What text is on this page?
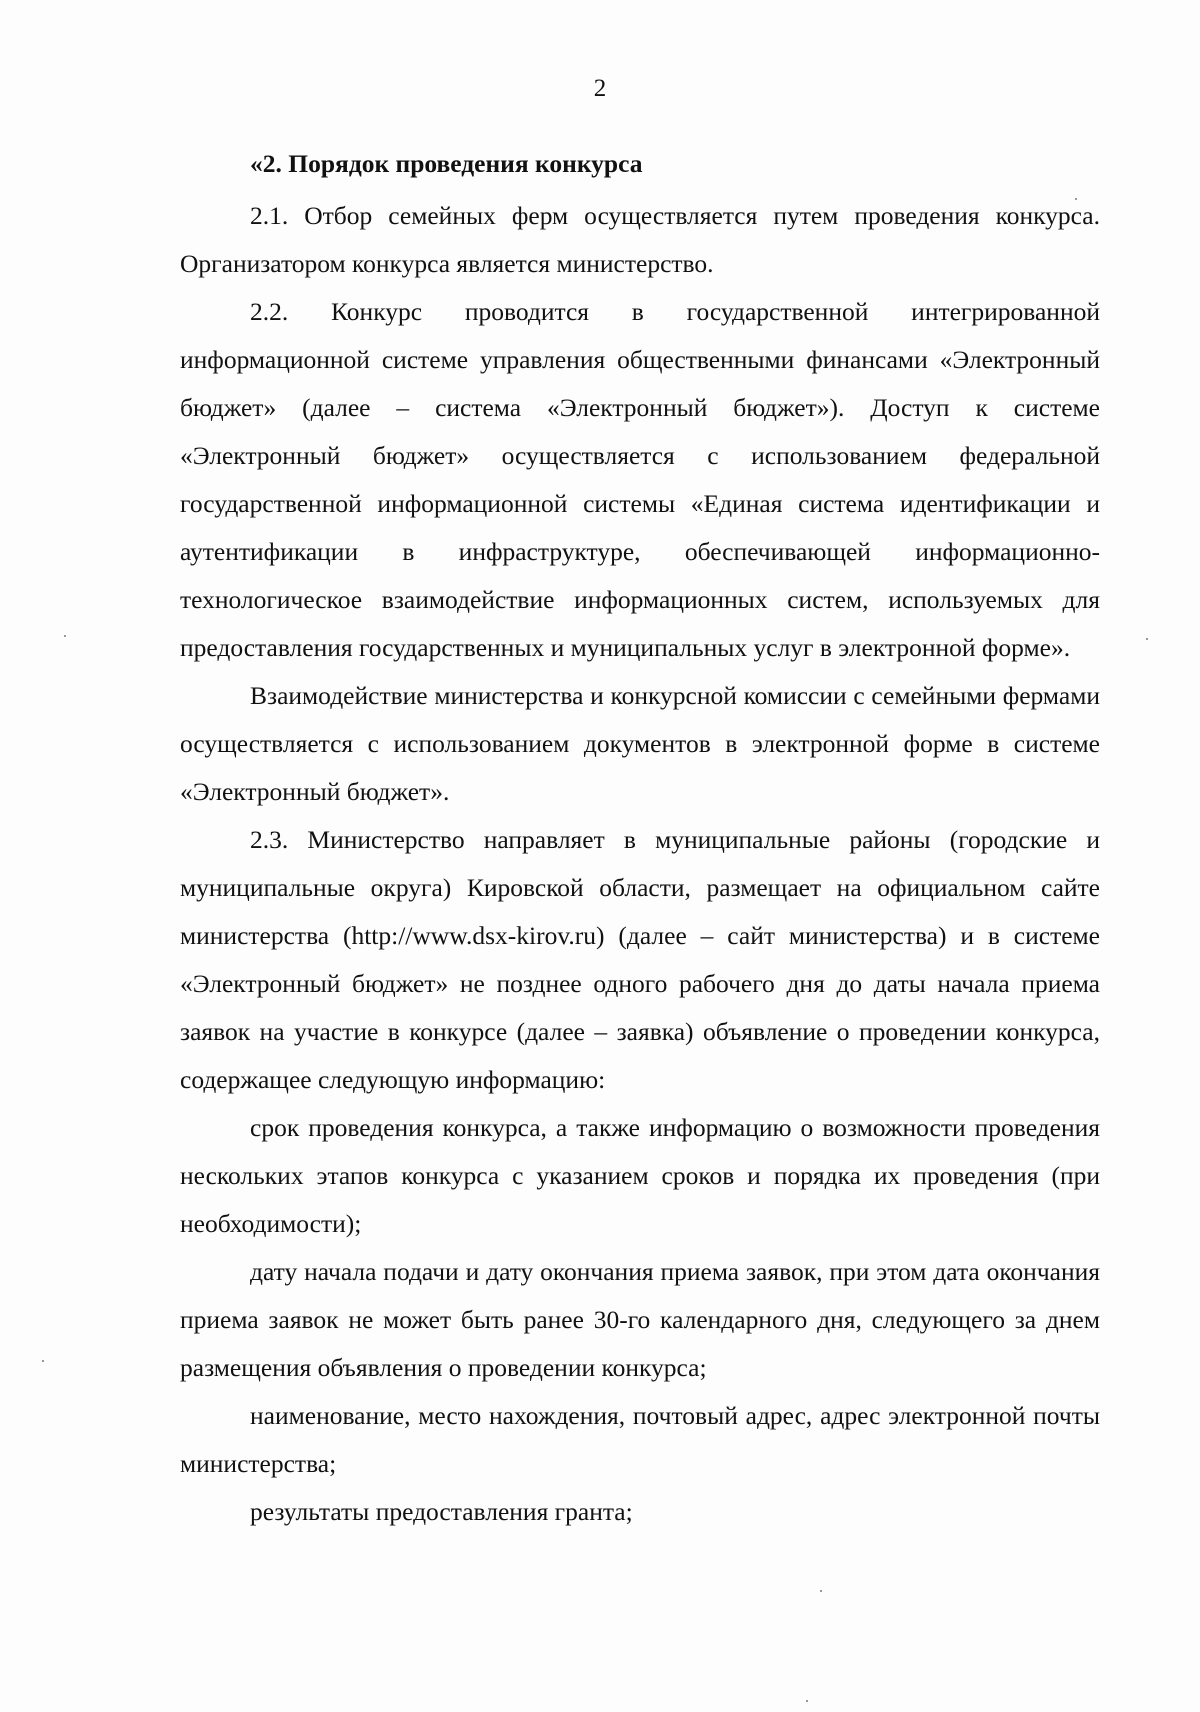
2
«2. Порядок проведения конкурса

2.1. Отбор семейных ферм осуществляется путем проведения конкурса. Организатором конкурса является министерство.

2.2. Конкурс проводится в государственной интегрированной информационной системе управления общественными финансами «Электронный бюджет» (далее – система «Электронный бюджет»). Доступ к системе «Электронный бюджет» осуществляется с использованием федеральной государственной информационной системы «Единая система идентификации и аутентификации в инфраструктуре, обеспечивающей информационно-технологическое взаимодействие информационных систем, используемых для предоставления государственных и муниципальных услуг в электронной форме».

Взаимодействие министерства и конкурсной комиссии с семейными фермами осуществляется с использованием документов в электронной форме в системе «Электронный бюджет».

2.3. Министерство направляет в муниципальные районы (городские и муниципальные округа) Кировской области, размещает на официальном сайте министерства (http://www.dsx-kirov.ru) (далее – сайт министерства) и в системе «Электронный бюджет» не позднее одного рабочего дня до даты начала приема заявок на участие в конкурсе (далее – заявка) объявление о проведении конкурса, содержащее следующую информацию:

срок проведения конкурса, а также информацию о возможности проведения нескольких этапов конкурса с указанием сроков и порядка их проведения (при необходимости);

дату начала подачи и дату окончания приема заявок, при этом дата окончания приема заявок не может быть ранее 30-го календарного дня, следующего за днем размещения объявления о проведении конкурса;

наименование, место нахождения, почтовый адрес, адрес электронной почты министерства;

результаты предоставления гранта;
